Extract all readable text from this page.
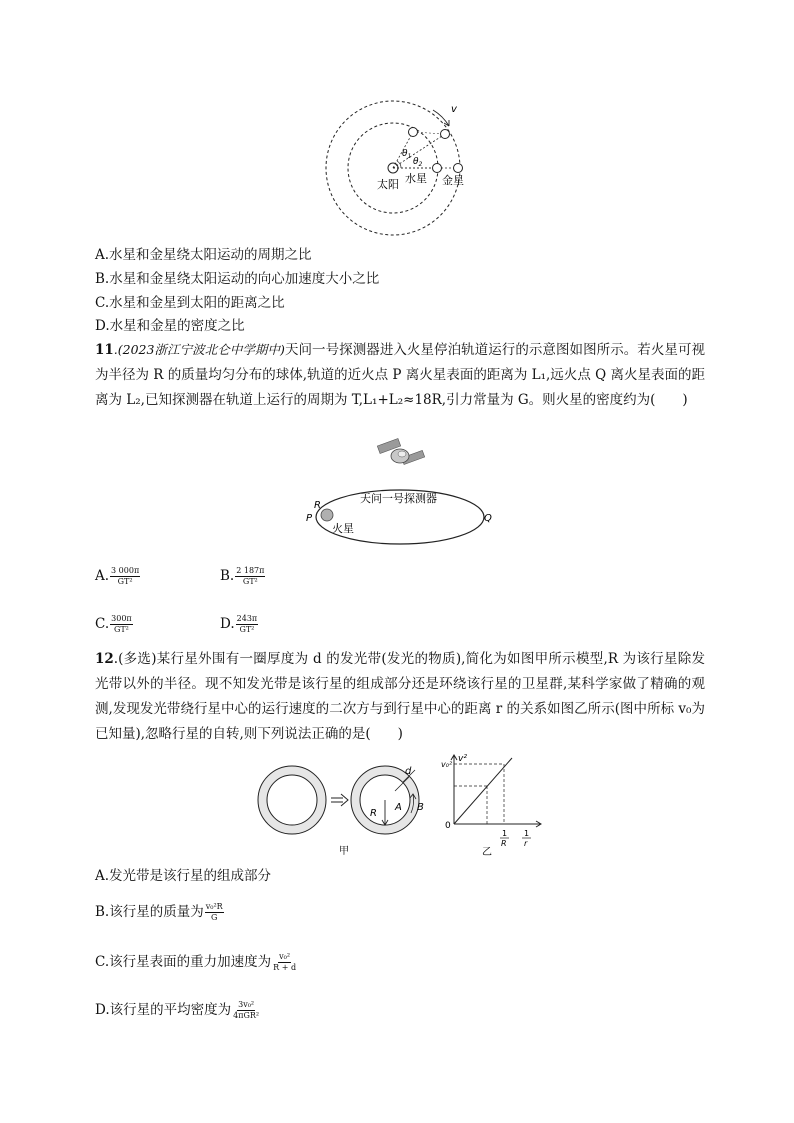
v
$\theta_1$
$\theta_2$
太阳 水星 金星
A.水星和金星绕太阳运动的周期之比
B.水星和金星绕太阳运动的向心加速度大小之比
C.水星和金星到太阳的距离之比
D.水星和金星的密度之比
11.(2023浙江宁波北仑中学期中)天问一号探测器进入火星停泊轨道运行的示意图如图所示。若火星可视为半径为 R 的质量均匀分布的球体,轨道的近火点 P 离火星表面的距离为 L₁,远火点 Q 离火星表面的距离为 L₂,已知探测器在轨道上运行的周期为 T,L₁+L₂≈18R,引力常量为 G。则火星的密度约为(　　)
R
天问一号探测器
P	Q
火星
A. $\frac{3 000\pi}{\text{GT²}}$	B. $\frac{2 187\pi}{\text{GT²}}$
C. $\frac{300\pi}{\text{GT²}}$	D. $\frac{243\pi}{\text{GT²}}$
12.(多选)某行星外围有一圈厚度为 d 的发光带(发光的物质),简化为如图甲所示模型,R 为该行星除发光带以外的半径。现不知发光带是该行星的组成部分还是环绕该行星的卫星群,某科学家做了精确的观测,发现发光带绕行星中心的运行速度的二次方与到行星中心的距离 r 的关系如图乙所示(图中所标 v₀为已知量),忽略行星的自转,则下列说法正确的是(　　)
d
R
A B
甲
v²
v₀²
0
1
R
1
r
乙
A.发光带是该行星的组成部分
B.该行星的质量为 $\frac{\text{v₀²R}}{G}$
C.该行星表面的重力加速度为 $\frac{\text{v₀²}}{R + d}$
D.该行星的平均密度为 $\frac{\text{3v₀²}}{\text{4πGR²}}$
